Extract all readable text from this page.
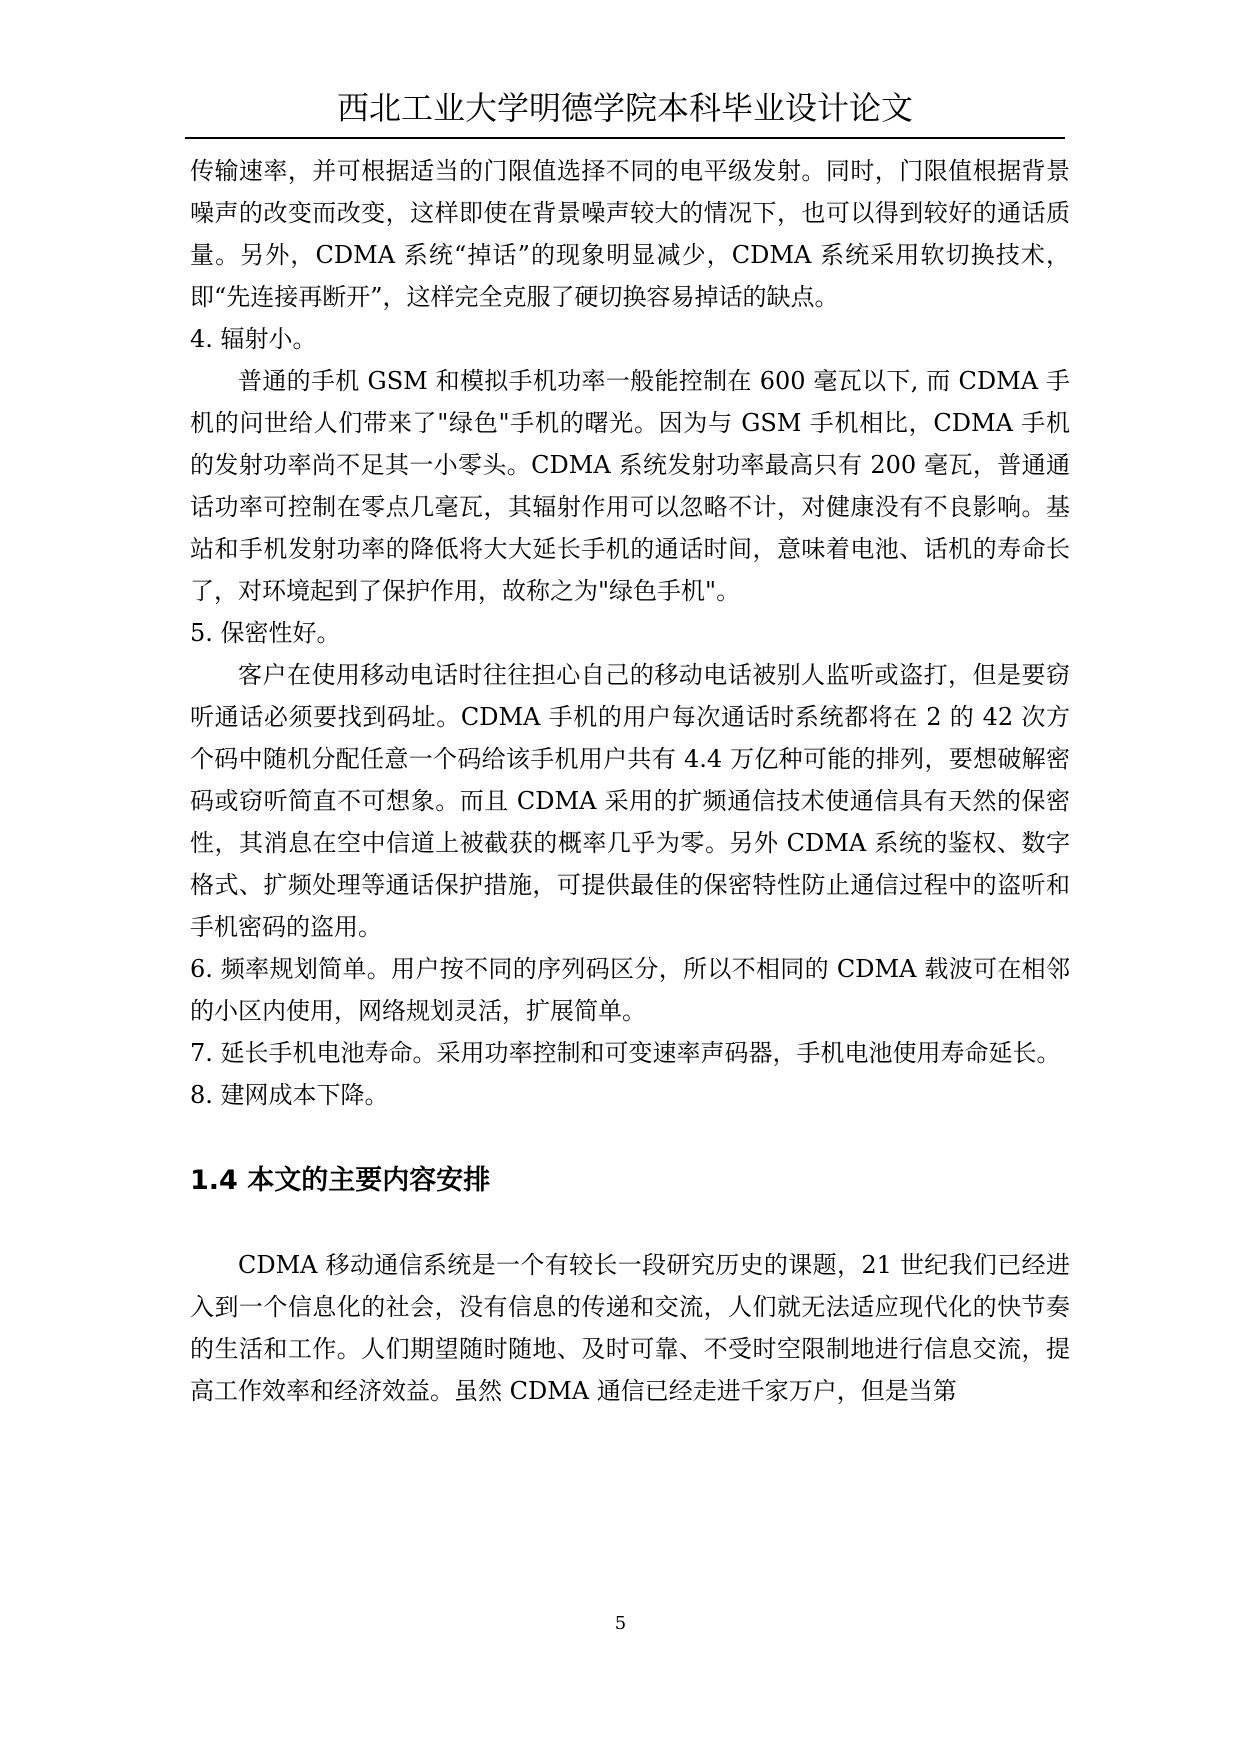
西北工业大学明德学院本科毕业设计论文

传输速率，并可根据适当的门限值选择不同的电平级发射。同时，门限值根据背景噪声的改变而改变，这样即使在背景噪声较大的情况下，也可以得到较好的通话质量。另外，CDMA 系统“掉话”的现象明显减少，CDMA 系统采用软切换技术，即“先连接再断开”，这样完全克服了硬切换容易掉话的缺点。

4. 辐射小。

普通的手机 GSM 和模拟手机功率一般能控制在 600 毫瓦以下, 而 CDMA 手机的问世给人们带来了"绿色"手机的曙光。因为与 GSM 手机相比，CDMA 手机的发射功率尚不足其一小零头。CDMA 系统发射功率最高只有 200 毫瓦，普通通话功率可控制在零点几毫瓦，其辐射作用可以忽略不计，对健康没有不良影响。基站和手机发射功率的降低将大大延长手机的通话时间，意味着电池、话机的寿命长了，对环境起到了保护作用，故称之为"绿色手机"。

5. 保密性好。

客户在使用移动电话时往往担心自己的移动电话被别人监听或盗打，但是要窃听通话必须要找到码址。CDMA 手机的用户每次通话时系统都将在 2 的 42 次方个码中随机分配任意一个码给该手机用户共有 4.4 万亿种可能的排列，要想破解密码或窃听简直不可想象。而且 CDMA 采用的扩频通信技术使通信具有天然的保密性，其消息在空中信道上被截获的概率几乎为零。另外 CDMA 系统的鉴权、数字格式、扩频处理等通话保护措施，可提供最佳的保密特性防止通信过程中的盗听和手机密码的盗用。

6. 频率规划简单。用户按不同的序列码区分，所以不相同的 CDMA 载波可在相邻的小区内使用，网络规划灵活，扩展简单。

7. 延长手机电池寿命。采用功率控制和可变速率声码器，手机电池使用寿命延长。

8. 建网成本下降。

1.4 本文的主要内容安排

CDMA 移动通信系统是一个有较长一段研究历史的课题，21 世纪我们已经进入到一个信息化的社会，没有信息的传递和交流，人们就无法适应现代化的快节奏的生活和工作。人们期望随时随地、及时可靠、不受时空限制地进行信息交流，提高工作效率和经济效益。虽然 CDMA 通信已经走进千家万户，但是当第

5
